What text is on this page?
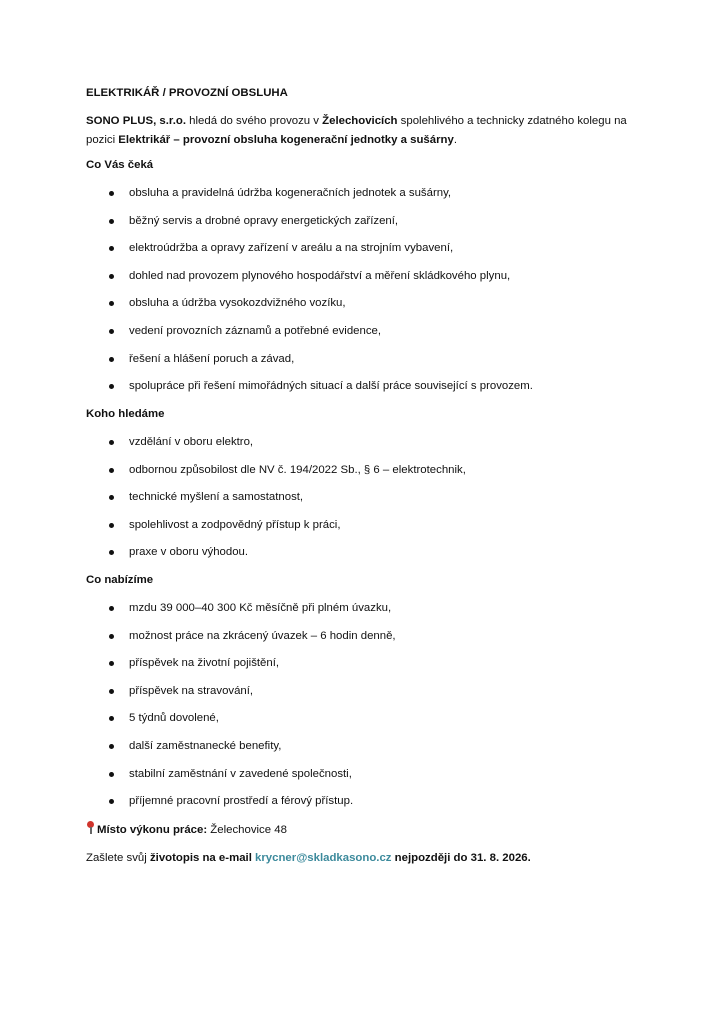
ELEKTRIKÁŘ / PROVOZNÍ OBSLUHA
SONO PLUS, s.r.o. hledá do svého provozu v Želechovicích spolehlivého a technicky zdatného kolegu na pozici Elektrikář – provozní obsluha kogenerační jednotky a sušárny.
Co Vás čeká
obsluha a pravidelná údržba kogeneračních jednotek a sušárny,
běžný servis a drobné opravy energetických zařízení,
elektroúdržba a opravy zařízení v areálu a na strojním vybavení,
dohled nad provozem plynového hospodářství a měření skládkového plynu,
obsluha a údržba vysokozdvižného vozíku,
vedení provozních záznamů a potřebné evidence,
řešení a hlášení poruch a závad,
spolupráce při řešení mimořádných situací a další práce související s provozem.
Koho hledáme
vzdělání v oboru elektro,
odbornou způsobilost dle NV č. 194/2022 Sb., § 6 – elektrotechnik,
technické myšlení a samostatnost,
spolehlivost a zodpovědný přístup k práci,
praxe v oboru výhodou.
Co nabízíme
mzdu 39 000–40 300 Kč měsíčně při plném úvazku,
možnost práce na zkrácený úvazek – 6 hodin denně,
příspěvek na životní pojištění,
příspěvek na stravování,
5 týdnů dovolené,
další zaměstnanecké benefity,
stabilní zaměstnání v zavedené společnosti,
příjemné pracovní prostředí a férový přístup.
Místo výkonu práce: Želechovice 48
Zašlete svůj životopis na e-mail krycner@skladkasono.cz nejpozději do 31. 8. 2026.
